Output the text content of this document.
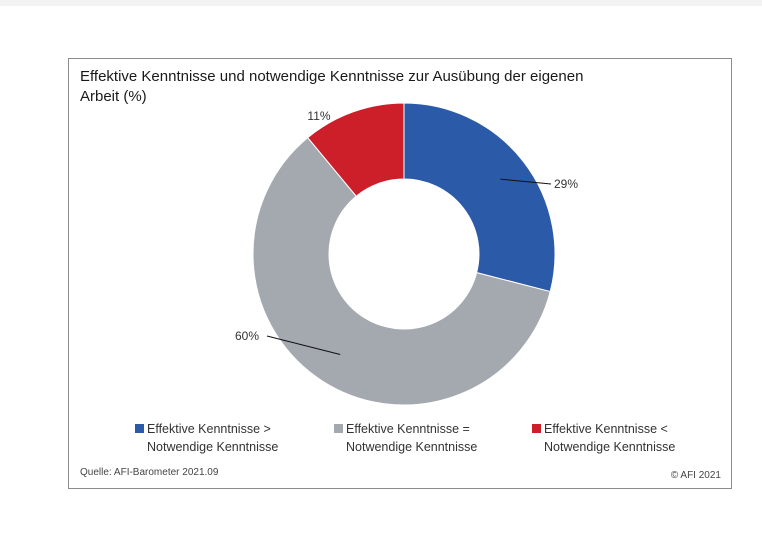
Effektive Kenntnisse und notwendige Kenntnisse zur Ausübung der eigenen Arbeit (%)
29%
60%
11%
Effektive Kenntnisse >
Notwendige Kenntnisse
Effektive Kenntnisse =
Notwendige Kenntnisse
Effektive Kenntnisse <
Notwendige Kenntnisse
Quelle: AFI-Barometer 2021.09	© AFI 2021
